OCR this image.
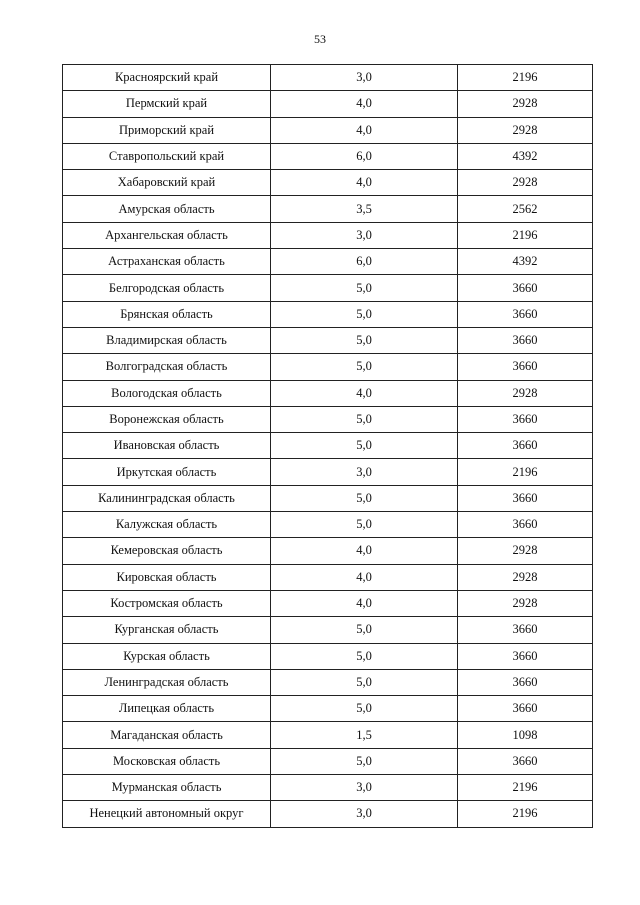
53
Красноярский край	3,0	2196
Пермский край	4,0	2928
Приморский край	4,0	2928
Ставропольский край	6,0	4392
Хабаровский край	4,0	2928
Амурская область	3,5	2562
Архангельская область	3,0	2196
Астраханская область	6,0	4392
Белгородская область	5,0	3660
Брянская область	5,0	3660
Владимирская область	5,0	3660
Волгоградская область	5,0	3660
Вологодская область	4,0	2928
Воронежская область	5,0	3660
Ивановская область	5,0	3660
Иркутская область	3,0	2196
Калининградская область	5,0	3660
Калужская область	5,0	3660
Кемеровская область	4,0	2928
Кировская область	4,0	2928
Костромская область	4,0	2928
Курганская область	5,0	3660
Курская область	5,0	3660
Ленинградская область	5,0	3660
Липецкая область	5,0	3660
Магаданская область	1,5	1098
Московская область	5,0	3660
Мурманская область	3,0	2196
Ненецкий автономный округ	3,0	2196
